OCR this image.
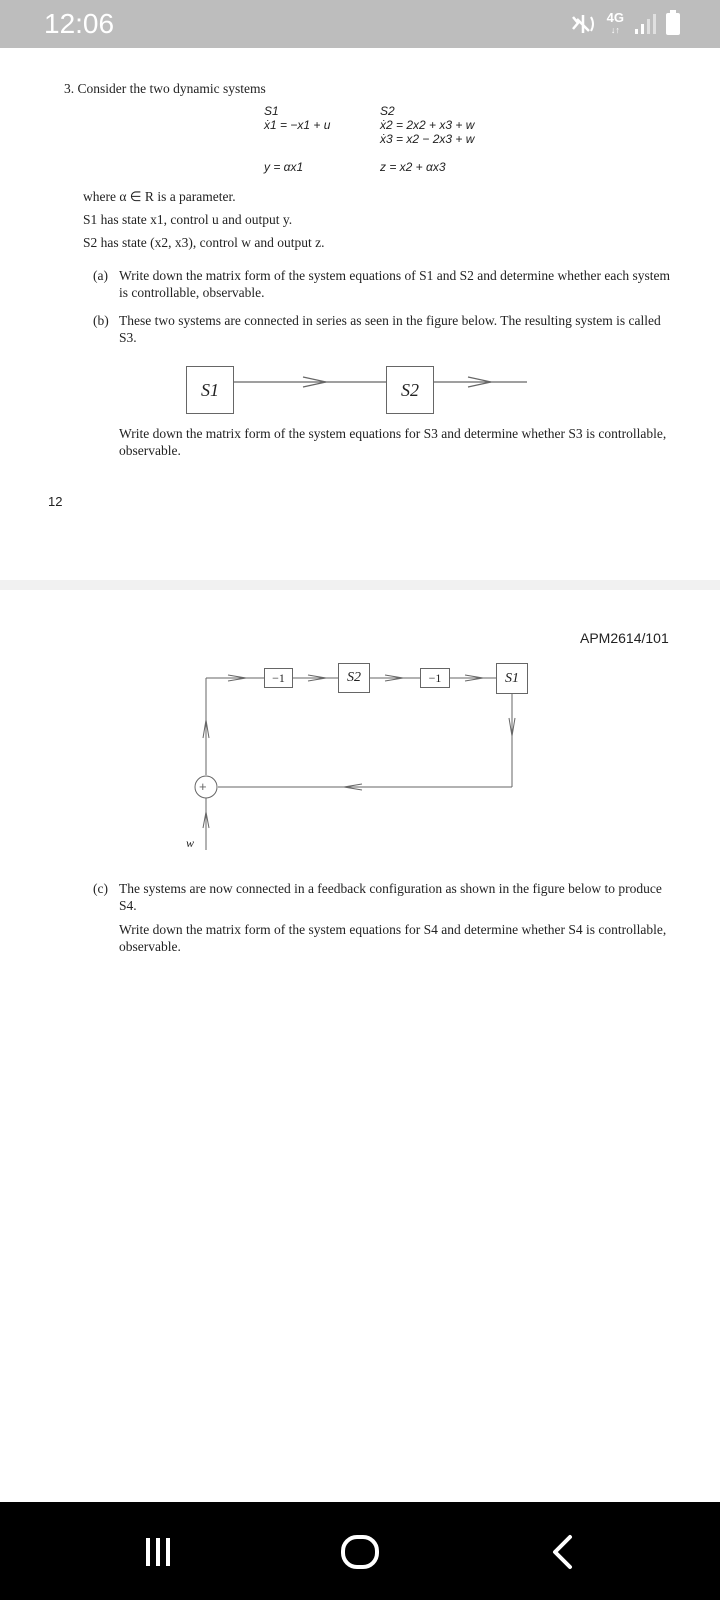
12:06	4G
↓↑
3. Consider the two dynamic systems
S1
ẋ1 = −x1 + u
y = αx1
S2
ẋ2 = 2x2 + x3 + w
ẋ3 = x2 − 2x3 + w
z = x2 + αx3
where α ∈ R is a parameter.
S1 has state x1, control u and output y.
S2 has state (x2, x3), control w and output z.
(a) Write down the matrix form of the system equations of S1 and S2 and determine whether each system is controllable, observable.
(b) These two systems are connected in series as seen in the figure below. The resulting system is called S3.
S1	S2
Write down the matrix form of the system equations for S3 and determine whether S3 is controllable, observable.
12
APM2614/101
+
w
−1	S2	−1	S1
(c) The systems are now connected in a feedback configuration as shown in the figure below to produce S4.
Write down the matrix form of the system equations for S4 and determine whether S4 is controllable, observable.
